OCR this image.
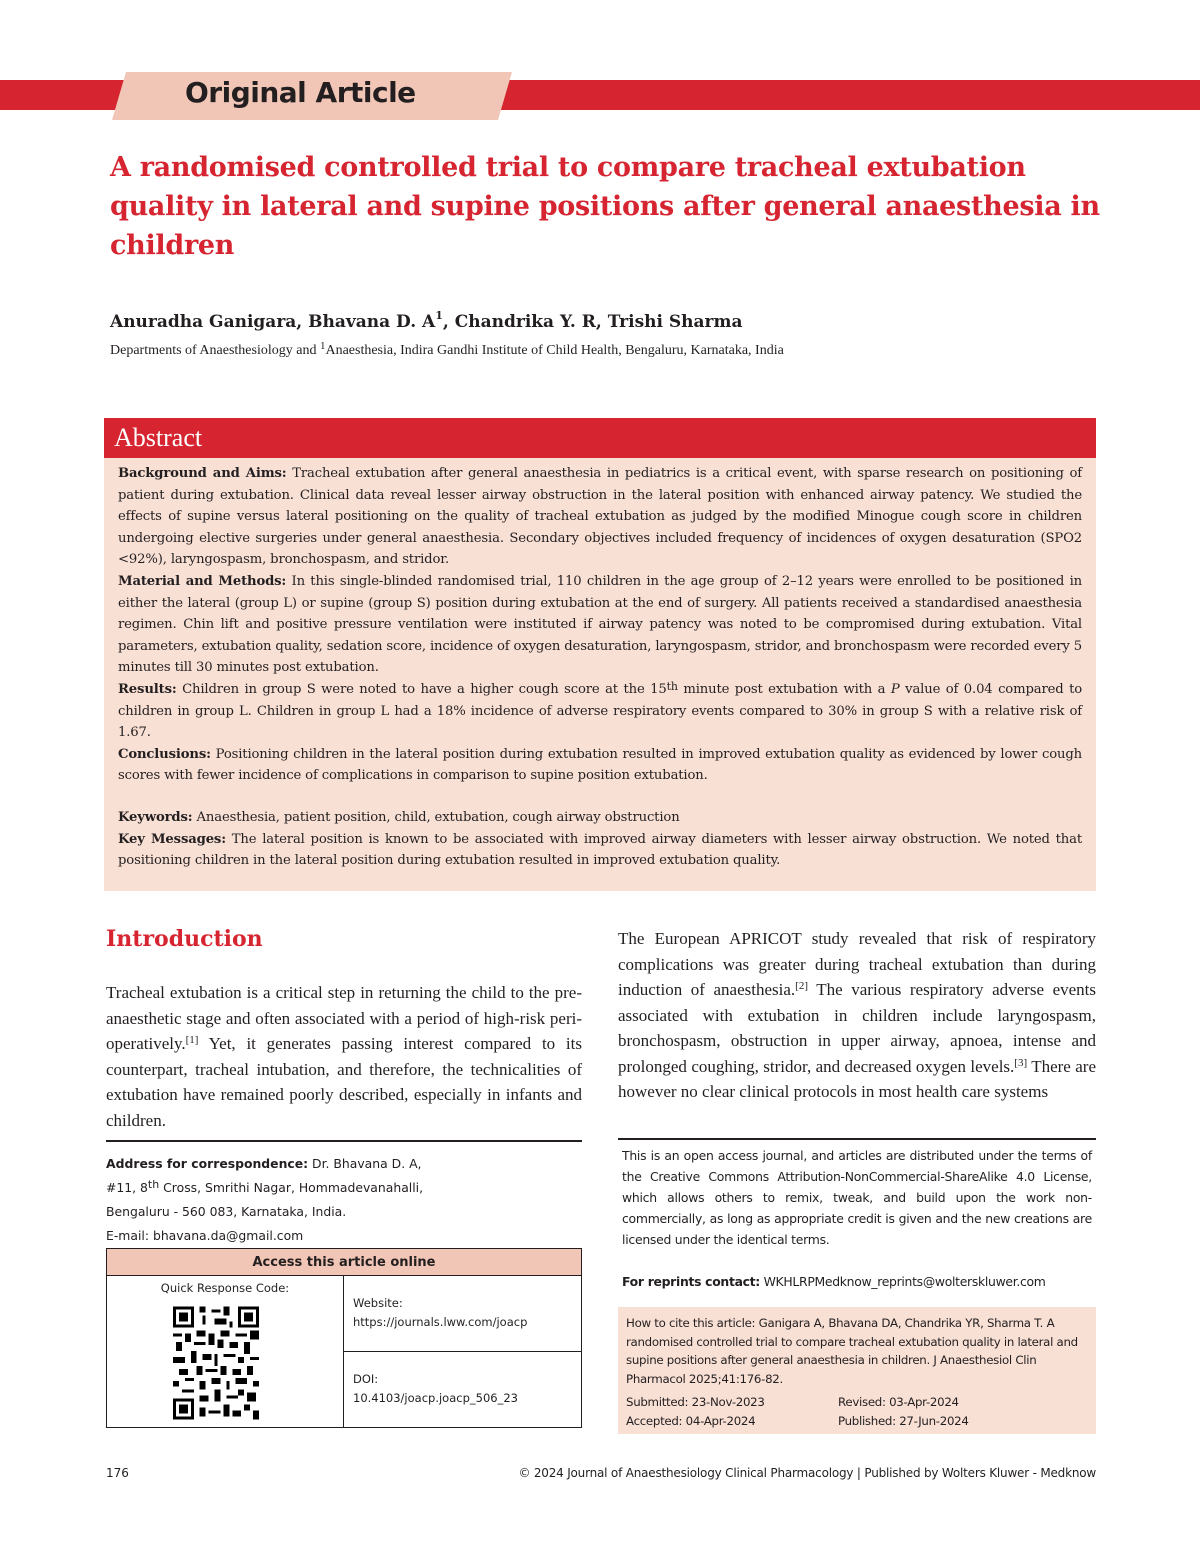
Original Article
A randomised controlled trial to compare tracheal extubation quality in lateral and supine positions after general anaesthesia in children
Anuradha Ganigara, Bhavana D. $A^1$, Chandrika Y. R, Trishi Sharma
Departments of Anaesthesiology and $^1$Anaesthesia, Indira Gandhi Institute of Child Health, Bengaluru, Karnataka, India
Abstract

Background and Aims: Tracheal extubation after general anaesthesia in pediatrics is a critical event, with sparse research on positioning of patient during extubation. Clinical data reveal lesser airway obstruction in the lateral position with enhanced airway patency. We studied the effects of supine versus lateral positioning on the quality of tracheal extubation as judged by the modified Minogue cough score in children undergoing elective surgeries under general anaesthesia. Secondary objectives included frequency of incidences of oxygen desaturation (SPO2 <92%), laryngospasm, bronchospasm, and stridor.

Material and Methods: In this single-blinded randomised trial, 110 children in the age group of 2–12 years were enrolled to be positioned in either the lateral (group L) or supine (group S) position during extubation at the end of surgery. All patients received a standardised anaesthesia regimen. Chin lift and positive pressure ventilation were instituted if airway patency was noted to be compromised during extubation. Vital parameters, extubation quality, sedation score, incidence of oxygen desaturation, laryngospasm, stridor, and bronchospasm were recorded every 5 minutes till 30 minutes post extubation.

Results: Children in group S were noted to have a higher cough score at the 15th minute post extubation with a P value of 0.04 compared to children in group L. Children in group L had a 18% incidence of adverse respiratory events compared to 30% in group S with a relative risk of 1.67.

Conclusions: Positioning children in the lateral position during extubation resulted in improved extubation quality as evidenced by lower cough scores with fewer incidence of complications in comparison to supine position extubation.

Keywords: Anaesthesia, patient position, child, extubation, cough airway obstruction

Key Messages: The lateral position is known to be associated with improved airway diameters with lesser airway obstruction. We noted that positioning children in the lateral position during extubation resulted in improved extubation quality.

Introduction

Tracheal extubation is a critical step in returning the child to the pre-anaesthetic stage and often associated with a period of high-risk peri-operatively.[1] Yet, it generates passing interest compared to its counterpart, tracheal intubation, and therefore, the technicalities of extubation have remained poorly described, especially in infants and children.

The European APRICOT study revealed that risk of respiratory complications was greater during tracheal extubation than during induction of anaesthesia.[2] The various respiratory adverse events associated with extubation in children include laryngospasm, bronchospasm, obstruction in upper airway, apnoea, intense and prolonged coughing, stridor, and decreased oxygen levels.[3] There are however no clear clinical protocols in most health care systems

Address for correspondence: Dr. Bhavana D. A,
#11, 8th Cross, Smrithi Nagar, Hommadevanahalli,
Bengaluru - 560 083, Karnataka, India.
E-mail: bhavana.da@gmail.com
Access this article online
Quick Response Code:
Website:
https://journals.lww.com/joacp
DOI:
10.4103/joacp.joacp_506_23

This is an open access journal, and articles are distributed under the terms of the Creative Commons Attribution-NonCommercial-ShareAlike 4.0 License, which allows others to remix, tweak, and build upon the work non-commercially, as long as appropriate credit is given and the new creations are licensed under the identical terms.

For reprints contact: WKHLRPMedknow_reprints@wolterskluwer.com
How to cite this article: Ganigara A, Bhavana DA, Chandrika YR, Sharma T. A randomised controlled trial to compare tracheal extubation quality in lateral and supine positions after general anaesthesia in children. J Anaesthesiol Clin Pharmacol 2025;41:176-82.
Submitted: 23-Nov-2023	Revised: 03-Apr-2024
Accepted: 04-Apr-2024	Published: 27-Jun-2024
176	© 2024 Journal of Anaesthesiology Clinical Pharmacology | Published by Wolters Kluwer - Medknow
